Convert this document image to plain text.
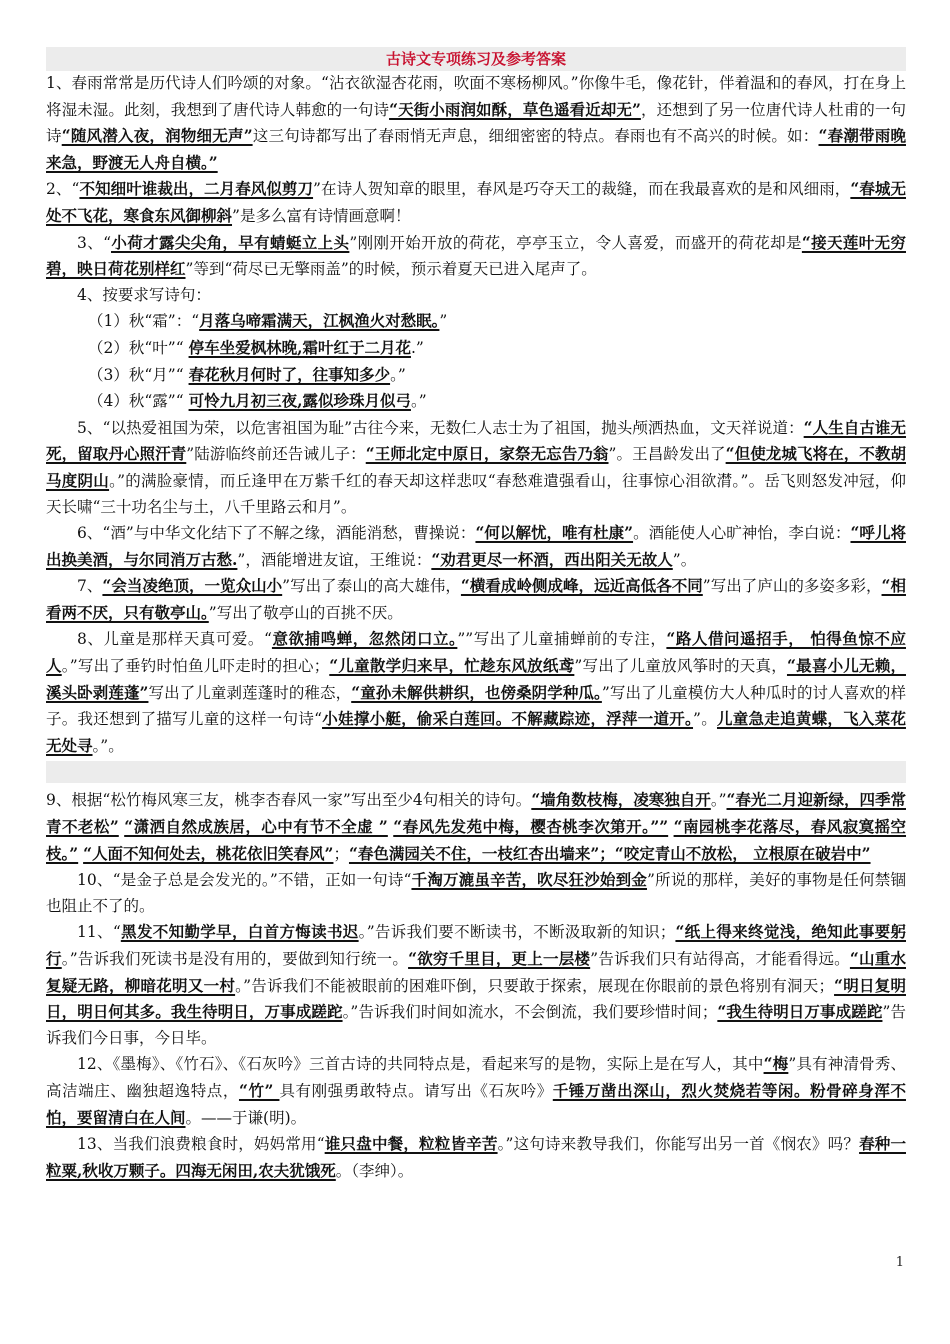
古诗文专项练习及参考答案

1、春雨常常是历代诗人们吟颂的对象。“沾衣欲湿杏花雨，吹面不寒杨柳风。”你像牛毛，像花针，伴着温和的春风，打在身上将湿未湿。此刻，我想到了唐代诗人韩愈的一句诗“天街小雨润如酥，草色遥看近却无”，还想到了另一位唐代诗人杜甫的一句诗“随风潜入夜，润物细无声”这三句诗都写出了春雨悄无声息，细细密密的特点。春雨也有不高兴的时候。如：“春潮带雨晚来急，野渡无人舟自横。”

2、“不知细叶谁裁出，二月春风似剪刀”在诗人贺知章的眼里，春风是巧夺天工的裁缝，而在我最喜欢的是和风细雨，“春城无处不飞花，寒食东风御柳斜”是多么富有诗情画意啊！

3、“小荷才露尖尖角，早有蜻蜓立上头”刚刚开始开放的荷花，亭亭玉立，令人喜爱，而盛开的荷花却是“接天莲叶无穷碧，映日荷花别样红”等到“荷尽已无擎雨盖”的时候，预示着夏天已进入尾声了。

4、按要求写诗句：

（1）秋“霜”：“月落乌啼霜满天，江枫渔火对愁眠。”

（2）秋“叶”“ 停车坐爱枫林晚,霜叶红于二月花.”

（3）秋“月”“ 春花秋月何时了，往事知多少。”

（4）秋“露”“ 可怜九月初三夜,露似珍珠月似弓。”

5、“以热爱祖国为荣，以危害祖国为耻”古往今来，无数仁人志士为了祖国，抛头颅洒热血，文天祥说道：“人生自古谁无死，留取丹心照汗青”陆游临终前还告诫儿子：“王师北定中原日，家祭无忘告乃翁”。王昌龄发出了“但使龙城飞将在，不教胡马度阴山。”的满脸豪情，而丘逢甲在万紫千红的春天却这样悲叹“春愁难遣强看山，往事惊心泪欲潸。”。岳飞则怒发冲冠，仰天长啸“三十功名尘与土，八千里路云和月”。

6、“酒”与中华文化结下了不解之缘，酒能消愁，曹操说：“何以解忧，唯有杜康”。酒能使人心旷神怡，李白说：“呼儿将出换美酒，与尔同消万古愁.”，酒能增进友谊，王维说：“劝君更尽一杯酒，西出阳关无故人”。

7、“会当凌绝顶，一览众山小”写出了泰山的高大雄伟，“横看成岭侧成峰，远近高低各不同”写出了庐山的多姿多彩，“相看两不厌，只有敬亭山。”写出了敬亭山的百挑不厌。

8、儿童是那样天真可爱。“意欲捕鸣蝉，忽然闭口立。””写出了儿童捕蝉前的专注，“路人借问遥招手， 怕得鱼惊不应人。”写出了垂钓时怕鱼儿吓走时的担心；“儿童散学归来早，忙趁东风放纸鸢”写出了儿童放风筝时的天真，“最喜小儿无赖，溪头卧剥莲蓬”写出了儿童剥莲蓬时的稚态，“童孙未解供耕织，也傍桑阴学种瓜。”写出了儿童模仿大人种瓜时的讨人喜欢的样子。我还想到了描写儿童的这样一句诗“小娃撑小艇，偷采白莲回。不解藏踪迹，浮萍一道开。”。儿童急走追黄蝶，飞入菜花无处寻。”。

9、根据“松竹梅风寒三友，桃李杏春风一家”写出至少4句相关的诗句。“墙角数枝梅，凌寒独自开。”“春光二月迎新绿，四季常青不老松” “潇洒自然成族居，心中有节不全虚 ” “春风先发苑中梅，樱杏桃李次第开。”” “南园桃李花落尽，春风寂寞摇空枝。” “人面不知何处去，桃花依旧笑春风”；“春色满园关不住，一枝红杏出墙来”；“咬定青山不放松， 立根原在破岩中”

10、“是金子总是会发光的。”不错，正如一句诗“千淘万漉虽辛苦，吹尽狂沙始到金”所说的那样，美好的事物是任何禁锢也阻止不了的。

11、“黑发不知勤学早，白首方悔读书迟。”告诉我们要不断读书，不断汲取新的知识；“纸上得来终觉浅，绝知此事要躬行。”告诉我们死读书是没有用的，要做到知行统一。“欲穷千里目，更上一层楼”告诉我们只有站得高，才能看得远。“山重水复疑无路，柳暗花明又一村。”告诉我们不能被眼前的困难吓倒，只要敢于探索，展现在你眼前的景色将别有洞天；“明日复明日，明日何其多。我生待明日，万事成蹉跎。”告诉我们时间如流水，不会倒流，我们要珍惜时间；“我生待明日万事成蹉跎”告诉我们今日事，今日毕。

12、《墨梅》、《竹石》、《石灰吟》三首古诗的共同特点是，看起来写的是物，实际上是在写人，其中“梅”具有神清骨秀、高洁端庄、幽独超逸特点，“竹” 具有刚强勇敢特点。请写出《石灰吟》千锤万凿出深山，烈火焚烧若等闲。粉骨碎身浑不怕，要留清白在人间。——于谦(明)。

13、当我们浪费粮食时，妈妈常用“谁只盘中餐，粒粒皆辛苦。”这句诗来教导我们，你能写出另一首《悯农》吗？春种一粒粟,秋收万颗子。四海无闲田,农夫犹饿死。（李绅）。

1
